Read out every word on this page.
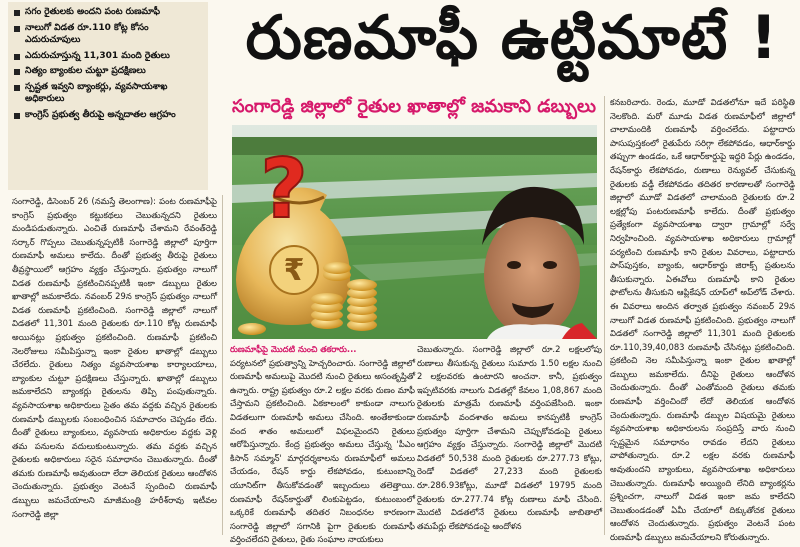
సగం రైతులకు అందని పంట రుణమాఫీ
నాలుగో విడత రూ.110 కోట్ల కోసం ఎదురుచూపులు
ఎదురుచూస్తున్న 11,301 మంది రైతులు
నిత్యం బ్యాంకుల చుట్టూ ప్రదక్షిణలు
స్పష్టత ఇవ్వని బ్యాంకర్లు, వ్యవసాయశాఖ అధికారులు
కాంగ్రెస్ ప్రభుత్వ తీరుపై అన్నదాతల ఆగ్రహం
రుణమాఫీ ఉట్టిమాటే !
సంగారెడ్డి జిల్లాలో రైతుల ఖాతాల్లో జమకాని డబ్బులు
₹
?

సంగారెడ్డి, డిసెంబర్ 26 (నమస్తే తెలంగాణ): పంట రుణమాఫీపై కాంగ్రెస్ ప్రభుత్వం కట్టుకథలు చెబుతున్నదని రైతులు మండిపడుతున్నారు. ఎంచితే రుణమాఫీ చేశామని రేవంత్‌రెడ్డి సర్కార్ గొప్పలు చెబుతున్నప్పటికీ సంగారెడ్డి జిల్లాలో పూర్తిగా రుణమాఫీ అమలు కాలేదు. దీంతో ప్రభుత్వ తీరుపై రైతులు తీవ్రస్థాయిలో ఆగ్రహం వ్యక్తం చేస్తున్నారు. ప్రభుత్వం నాలుగో విడత రుణమాఫీ ప్రకటించినప్పటికీ ఇంకా డబ్బులు రైతుల ఖాతాల్లో జమకాలేదు. నవంబర్ 29న కాంగ్రెస్ ప్రభుత్వం నాలుగో విడత రుణమాఫీ ప్రకటించింది. సంగారెడ్డి జిల్లాలో నాలుగో విడతలో 11,301 మంది రైతులకు రూ.110 కోట్ల రుణమాఫీ అయినట్లు ప్రభుత్వం ప్రకటించింది. రుణమాఫీ ప్రకటించి నెలరోజులు సమీపిస్తున్నా ఇంకా రైతుల ఖాతాల్లో డబ్బులు చేరలేదు. రైతులు నిత్యం వ్యవసాయశాఖ కార్యాలయాలు, బ్యాంకుల చుట్టూ ప్రదక్షిణలు చేస్తున్నారు. ఖాతాల్లో డబ్బులు జమకాలేదని బ్యాంకర్లు రైతులను తిప్పి పంపుతున్నారు. వ్యవసాయశాఖ అధికారులు సైతం తమ వద్దకు వచ్చిన రైతులకు రుణమాఫీ డబ్బులకు సంబంధించిన సమాచారం చెప్పడం లేదు. దీంతో రైతులు బ్యాంకులు, వ్యవసాయ అధికారుల వద్దకు వెళ్లి తమ పనులను వదులుకుంటున్నారు. తమ వద్దకు వచ్చిన రైతులకు అధికారులు సరైన సమాధానం చెబుతున్నారు. దీంతో తమకు రుణమాఫీ అవుతుందా లేదా తెలియక రైతులు ఆందోళన చెందుతున్నారు. ప్రభుత్వం వెంటనే స్పందించి రుణమాఫీ డబ్బులు జమచేయాలని మాజీమంత్రి హరీశ్‌రావు ఇటీవల సంగారెడ్డి జిల్లా

రుణమాఫీపై మొదటి నుంచి తకరారు...

పర్యటనలో ప్రభుత్వాన్ని హెచ్చరించారు. సంగారెడ్డి జిల్లాలో రుణమాఫీ అమలుపై మొదటి నుంచి రైతులు అసంతృప్తితో ఉన్నారు. రాష్ట్ర ప్రభుత్వం రూ.2 లక్షల వరకు రుణం మాఫీ చేస్తామని ప్రకటించింది. ఏకకాలంలో కాకుండా నాలుగు విడతలుగా రుణమాఫీ అమలు చేసింది. అంతేకాకుండా వంద శాతం అమలులో విఫలమైందని రైతులు ఆరోపిస్తున్నారు. కేంద్ర ప్రభుత్వం అమలు చేస్తున్న 'పీఎం కిసాన్ సమ్మాన్' మార్గదర్శకాలను రుణమాఫీలో అమలు చేయడం, రేషన్ కార్డు లేకపోవడం, కుటుంబాన్ని యూనిట్‌గా తీసుకోవడంతో ఇబ్బందులు తలెత్తాయి. రుణమాఫీ రేషన్‌కార్డుతో లింకుపెట్టడం, కుటుంబంలో ఒక్కరికే రుణమాఫీ తదితర నిబంధనల కారణంగా సంగారెడ్డి జిల్లాలో సగానికి పైగా రైతులకు రుణమాఫీ వర్తించలేదని రైతులు, రైతు సంఘాల నాయకులు

చెబుతున్నారు. సంగారెడ్డి జిల్లాలో రూ.2 లక్షలలోపు రుణాలు తీసుకున్న రైతులు సుమారు 1.50 లక్షల నుంచి 2 లక్షలవరకు ఉంటారని అంచనా. కానీ, ప్రభుత్వం ఇప్పటివరకు నాలుగు విడతల్లో కేవలం 1,08,867 మంది రైతులకు మాత్రమే రుణమాఫీ వర్తింపజేసింది. ఇంకా రుణమాఫీ వందశాతం అమలు కానప్పటికీ కాంగ్రెస్ ప్రభుత్వం పూర్తిగా చేశామని చెప్పుకోవడంపై రైతులు ఆగ్రహం వ్యక్తం చేస్తున్నారు. సంగారెడ్డి జిల్లాలో మొదటి విడతలో 50,538 మంది రైతులకు రూ.277.73 కోట్లు, రెండో విడతలో 27,233 మంది రైతులకు రూ.286.93కోట్లు, మూడో విడతలో 19795 మంది రైతులకు రూ.277.74 కోట్ల రుణాలు మాఫీ చేసింది. మొదటి విడతలోనే రైతులు రుణమాఫీ జాబితాలో తమపేర్లు లేకపోవడంపై ఆందోళన

కనబరిచారు. రెండు, మూడో విడతలోనూ ఇదే పరిస్థితి నెలకొంది. మరో మూడు విడత రుణమాఫీలో జిల్లాలో చాలామందికి రుణమాఫీ వర్తించలేదు. పట్టాదారు పాసుపుస్తకంలో రైతుపేరు సరిగ్గా లేకపోవడం, ఆధార్‌కార్డు తప్పుగా ఉండడం, ఒకే ఆధార్‌కార్డుపై ఇద్దరి పేర్లు ఉండడం, రేషన్‌కార్డు లేకపోవడం, రుణాలు రెన్యువల్ చేసుకున్న రైతులకు వడ్డీ లేకపోవడం తదితర కారణాలతో సంగారెడ్డి జిల్లాలో మూడో విడతలో చాలామంది రైతులకు రూ.2 లక్షల్లోపు పంటరుణమాఫీ కాలేదు. దీంతో ప్రభుత్వం ప్రత్యేకంగా వ్యవసాయశాఖ ద్వారా గ్రామాల్లో సర్వే నిర్వహించింది. వ్యవసాయశాఖ అధికారులు గ్రామాల్లో పర్యటించి రుణమాఫీ కాని రైతుల వివరాలు, పట్టాదారు పాస్‌పుస్తకం, బ్యాంకు, ఆధార్‌కార్డు జిరాక్స్ ప్రతులను తీసుకున్నారు. ఏఈవోలు రుణమాఫీ కాని రైతుల ఫొటోలను తీసుకుని ఆప్లికేషన్ యాప్‌లో అప్‌లోడ్ చేశారు. ఈ వివరాలు అందిన తర్వాత ప్రభుత్వం నవంబర్ 29న నాలుగో విడత రుణమాఫీ ప్రకటించింది. ప్రభుత్వం నాలుగో విడతలో సంగారెడ్డి జిల్లాలో 11,301 మంది రైతులకు రూ.110,39,40,083 రుణమాఫీ చేసినట్లు ప్రకటించింది. ప్రకటించి నెల సమీపిస్తున్నా ఇంకా రైతుల ఖాతాల్లో డబ్బులు జమకాలేదు. దీనిపై రైతులు ఆందోళన చెందుతున్నారు. దీంతో ఎంతోమంది రైతులు తమకు రుణమాఫీ వర్తించిందో లేదో తెలియక ఆందోళన చెందుతున్నారు. రుణమాఫీ డబ్బుల విషయమై రైతులు వ్యవసాయశాఖ అధికారులను సంప్రదిస్తే వారు నుంచి స్పష్టమైన సమాధానం రావడం లేదని రైతులు వాపోతున్నారు. రూ.2 లక్షల వరకు రుణమాఫీ అవుతుందని బ్యాంకులు, వ్యవసాయశాఖ అధికారులు చెబుతున్నారు. రుణమాఫీ అయ్యింది లేనిది బ్యాంకర్లను ప్రశ్నించగా, నాలుగో విడత ఇంకా జమ కాలేదని చెబుతుండడంతో ఏమీ చేయాలో దిక్కుతోచక రైతులు ఆందోళన చెందుతున్నారు. ప్రభుత్వం వెంటనే పంట రుణమాఫీ డబ్బులు జమచేయాలని కోరుతున్నారు.
